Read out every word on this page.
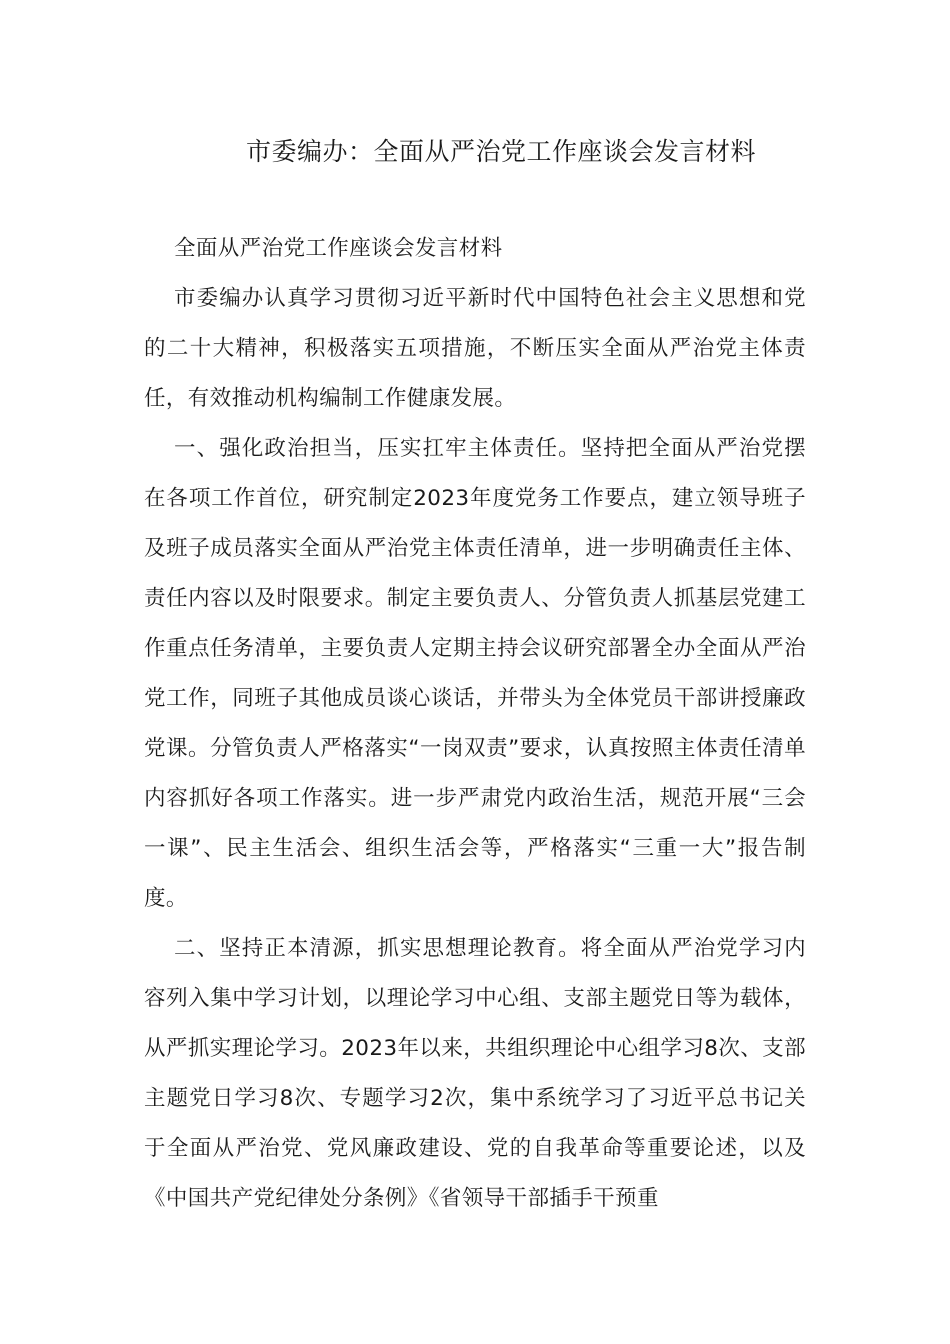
市委编办：全面从严治党工作座谈会发言材料

全面从严治党工作座谈会发言材料

市委编办认真学习贯彻习近平新时代中国特色社会主义思想和党的二十大精神，积极落实五项措施，不断压实全面从严治党主体责任，有效推动机构编制工作健康发展。

一、强化政治担当，压实扛牢主体责任。坚持把全面从严治党摆在各项工作首位，研究制定2023年度党务工作要点，建立领导班子及班子成员落实全面从严治党主体责任清单，进一步明确责任主体、责任内容以及时限要求。制定主要负责人、分管负责人抓基层党建工作重点任务清单，主要负责人定期主持会议研究部署全办全面从严治党工作，同班子其他成员谈心谈话，并带头为全体党员干部讲授廉政党课。分管负责人严格落实“一岗双责”要求，认真按照主体责任清单内容抓好各项工作落实。进一步严肃党内政治生活，规范开展“三会一课”、民主生活会、组织生活会等，严格落实“三重一大”报告制度。

二、坚持正本清源，抓实思想理论教育。将全面从严治党学习内容列入集中学习计划，以理论学习中心组、支部主题党日等为载体，从严抓实理论学习。2023年以来，共组织理论中心组学习8次、支部主题党日学习8次、专题学习2次，集中系统学习了习近平总书记关于全面从严治党、党风廉政建设、党的自我革命等重要论述，以及《中国共产党纪律处分条例》《省领导干部插手干预重
